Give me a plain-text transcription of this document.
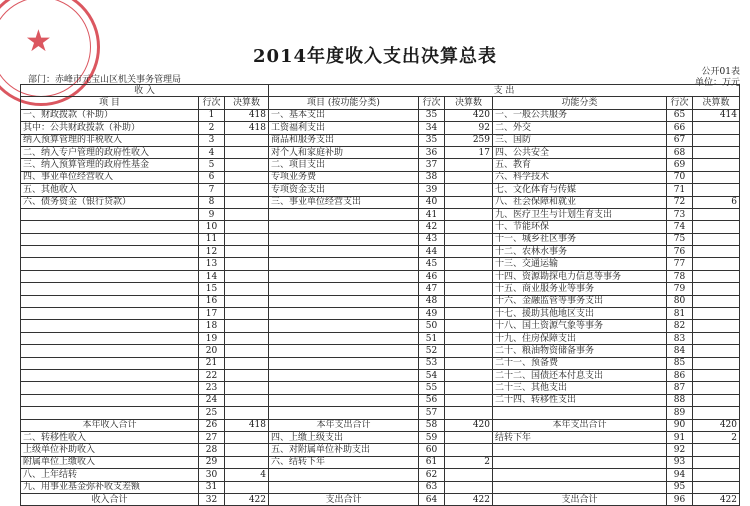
★	2014年度收入支出决算总表
公开01表
单位：万元
部门：赤峰市元宝山区机关事务管理局
收 入			支 出					
项 目	行次	决算数	项目 (按功能分类)	行次	决算数	功能分类	行次	决算数
一、财政拨款（补助）	1	418	一、基本支出	35	420	一、一般公共服务	65	414
其中：公共财政拨款（补助）	2	418	工资福利支出	34	92	二、外交	66	
纳入预算管理的非税收入	3		商品和服务支出	35	259	三、国防	67	
二、纳入专户管理的政府性收入	4		对个人和家庭补助	36	17	四、公共安全	68	
三、纳入预算管理的政府性基金	5		二、项目支出	37		五、教育	69	
四、事业单位经营收入	6		专项业务费	38		六、科学技术	70	
五、其他收入	7		专项资金支出	39		七、文化体育与传媒	71	
六、债务资金（银行贷款）	8		三、事业单位经营支出	40		八、社会保障和就业	72	6
	9			41		九、医疗卫生与计划生育支出	73	
	10			42		十、节能环保	74	
	11			43		十一、城乡社区事务	75	
	12			44		十二、农林水事务	76	
	13			45		十三、交通运输	77	
	14			46		十四、资源勘探电力信息等事务	78	
	15			47		十五、商业服务业等事务	79	
	16			48		十六、金融监管等事务支出	80	
	17			49		十七、援助其他地区支出	81	
	18			50		十八、国土资源气象等事务	82	
	19			51		十九、住房保障支出	83	
	20			52		二十、粮油物资储备事务	84	
	21			53		二十一、预备费	85	
	22			54		二十二、国债还本付息支出	86	
	23			55		二十三、其他支出	87	
	24			56		二十四、转移性支出	88	
	25			57			89	
本年收入合计	26	418	本年支出合计	58	420	本年支出合计	90	420
二、转移性收入	27		四、上缴上级支出	59		结转下年	91	2
上级单位补助收入	28		五、对附属单位补助支出	60			92	
附属单位上缴收入	29		六、结转下年	61	2		93	
八、上年结转	30	4		62			94	
九、用事业基金弥补收支差额	31			63			95	
收入合计	32	422	支出合计	64	422	支出合计	96	422
